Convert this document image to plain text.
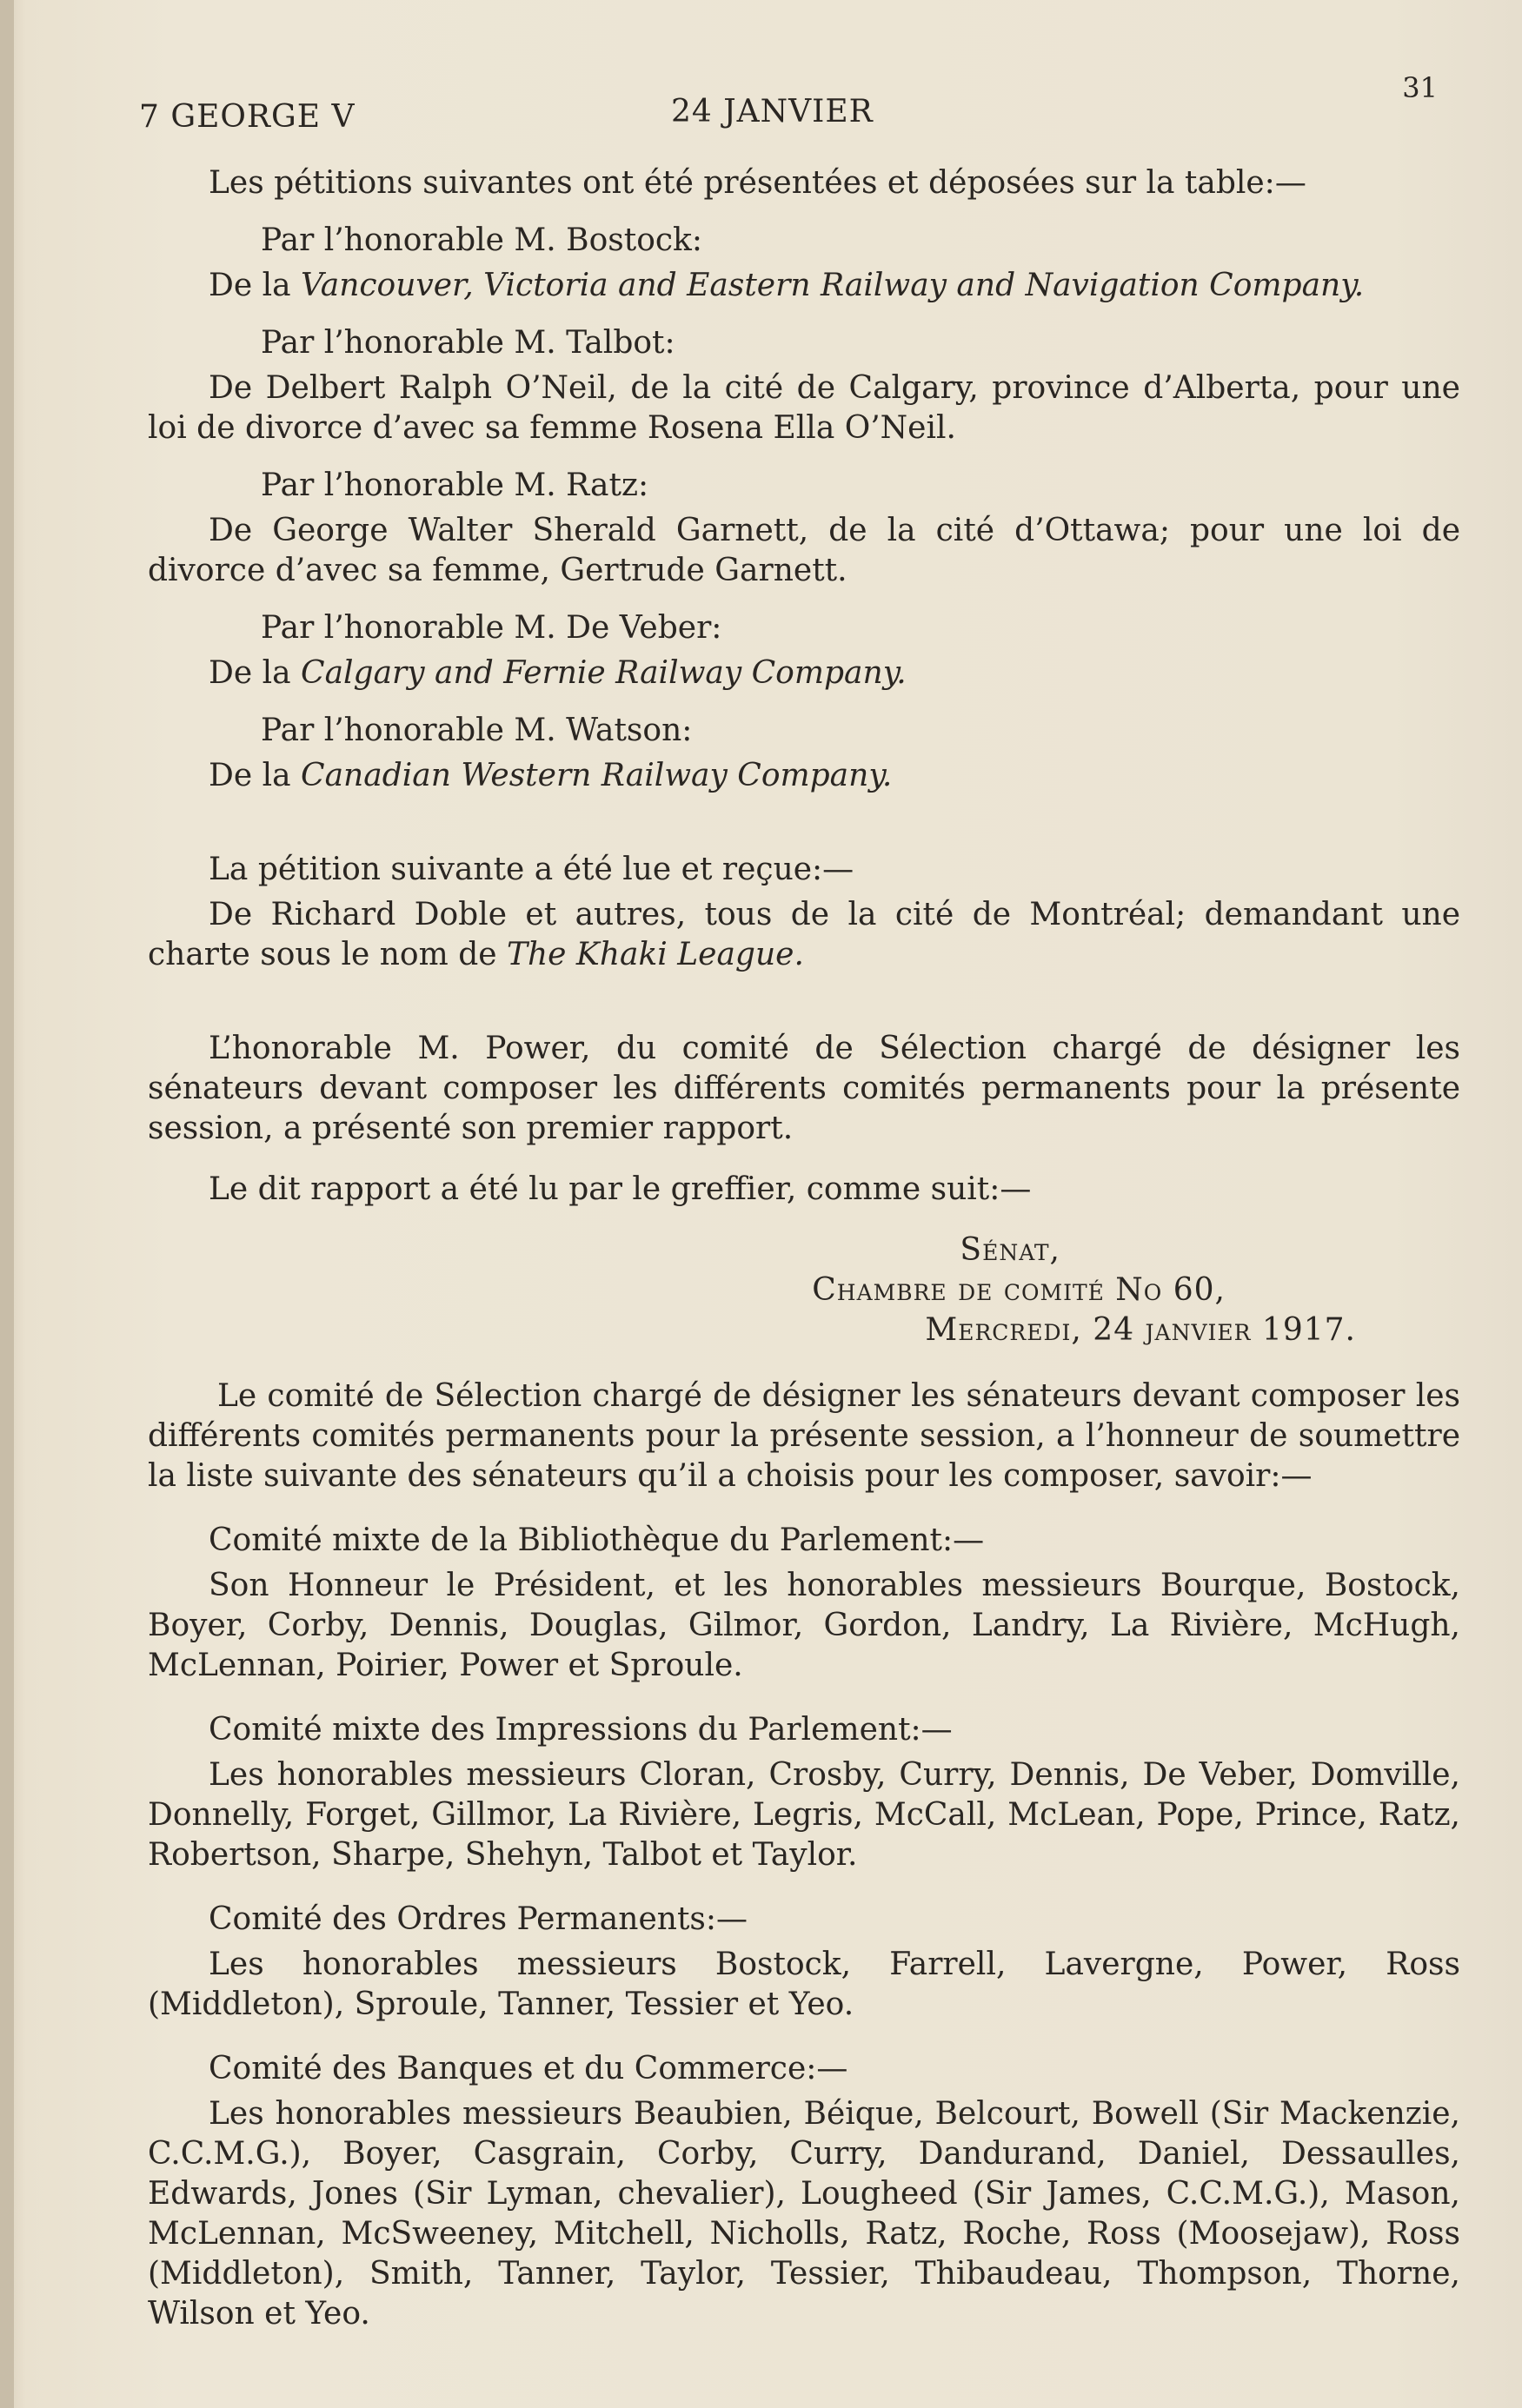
7 GEORGE V	24 JANVIER
31

Les pétitions suivantes ont été présentées et déposées sur la table:—

Par l’honorable M. Bostock:

De la Vancouver, Victoria and Eastern Railway and Navigation Company.

Par l’honorable M. Talbot:

De Delbert Ralph O’Neil, de la cité de Calgary, province d’Alberta, pour une loi de divorce d’avec sa femme Rosena Ella O’Neil.

Par l’honorable M. Ratz:

De George Walter Sherald Garnett, de la cité d’Ottawa; pour une loi de divorce d’avec sa femme, Gertrude Garnett.

Par l’honorable M. De Veber:

De la Calgary and Fernie Railway Company.

Par l’honorable M. Watson:

De la Canadian Western Railway Company.

La pétition suivante a été lue et reçue:—

De Richard Doble et autres, tous de la cité de Montréal; demandant une charte sous le nom de The Khaki League.

L’honorable M. Power, du comité de Sélection chargé de désigner les sénateurs devant composer les différents comités permanents pour la présente session, a présenté son premier rapport.

Le dit rapport a été lu par le greffier, comme suit:—

Sénat,

Chambre de comité No 60,

Mercredi, 24 janvier 1917.

Le comité de Sélection chargé de désigner les sénateurs devant composer les différents comités permanents pour la présente session, a l’honneur de soumettre la liste suivante des sénateurs qu’il a choisis pour les composer, savoir:—

Comité mixte de la Bibliothèque du Parlement:—

Son Honneur le Président, et les honorables messieurs Bourque, Bostock, Boyer, Corby, Dennis, Douglas, Gilmor, Gordon, Landry, La Rivière, McHugh, McLennan, Poirier, Power et Sproule.

Comité mixte des Impressions du Parlement:—

Les honorables messieurs Cloran, Crosby, Curry, Dennis, De Veber, Domville, Donnelly, Forget, Gillmor, La Rivière, Legris, McCall, McLean, Pope, Prince, Ratz, Robertson, Sharpe, Shehyn, Talbot et Taylor.

Comité des Ordres Permanents:—

Les honorables messieurs Bostock, Farrell, Lavergne, Power, Ross (Middleton), Sproule, Tanner, Tessier et Yeo.

Comité des Banques et du Commerce:—

Les honorables messieurs Beaubien, Béique, Belcourt, Bowell (Sir Mackenzie, C.C.M.G.), Boyer, Casgrain, Corby, Curry, Dandurand, Daniel, Dessaulles, Edwards, Jones (Sir Lyman, chevalier), Lougheed (Sir James, C.C.M.G.), Mason, McLennan, McSweeney, Mitchell, Nicholls, Ratz, Roche, Ross (Moosejaw), Ross (Middleton), Smith, Tanner, Taylor, Tessier, Thibaudeau, Thompson, Thorne, Wilson et Yeo.
